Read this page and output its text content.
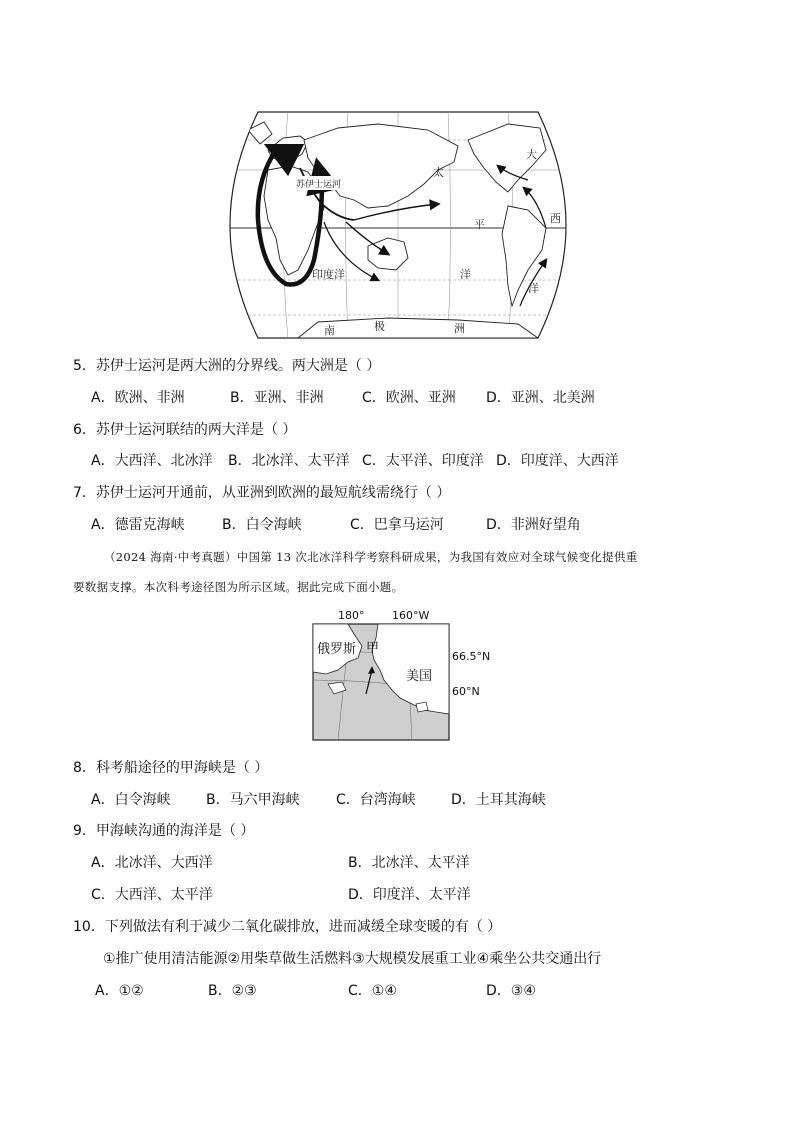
苏伊士运河
太
平
洋
印度洋
大
西
洋
南	极	洲
5．苏伊士运河是两大洲的分界线。两大洲是（ ）
A．欧洲、非洲	B．亚洲、非洲	C．欧洲、亚洲 D．亚洲、北美洲
6．苏伊士运河联结的两大洋是（ ）
A．大西洋、北冰洋 B．北冰洋、太平洋 C．太平洋、印度洋 D．印度洋、大西洋
7．苏伊士运河开通前，从亚洲到欧洲的最短航线需绕行（ ）
A．德雷克海峡	B．白令海峡	C．巴拿马运河	D．非洲好望角
（2024 海南·中考真题）中国第 13 次北冰洋科学考察科研成果，为我国有效应对全球气候变化提供重
要数据支撑。本次科考途径图为所示区域。据此完成下面小题。
180°	160°W
俄罗斯 甲
美国
66.5°N
60°N
8．科考船途径的甲海峡是（ ）
A．白令海峡	B．马六甲海峡	C．台湾海峡	D．土耳其海峡
9．甲海峡沟通的海洋是（ ）
A．北冰洋、大西洋	B．北冰洋、太平洋
C．大西洋、太平洋	D．印度洋、太平洋
10．下列做法有利于减少二氧化碳排放，进而减缓全球变暖的有（ ）
①推广使用清洁能源②用柴草做生活燃料③大规模发展重工业④乘坐公共交通出行
A．①②	B．②③	C．①④	D．③④
